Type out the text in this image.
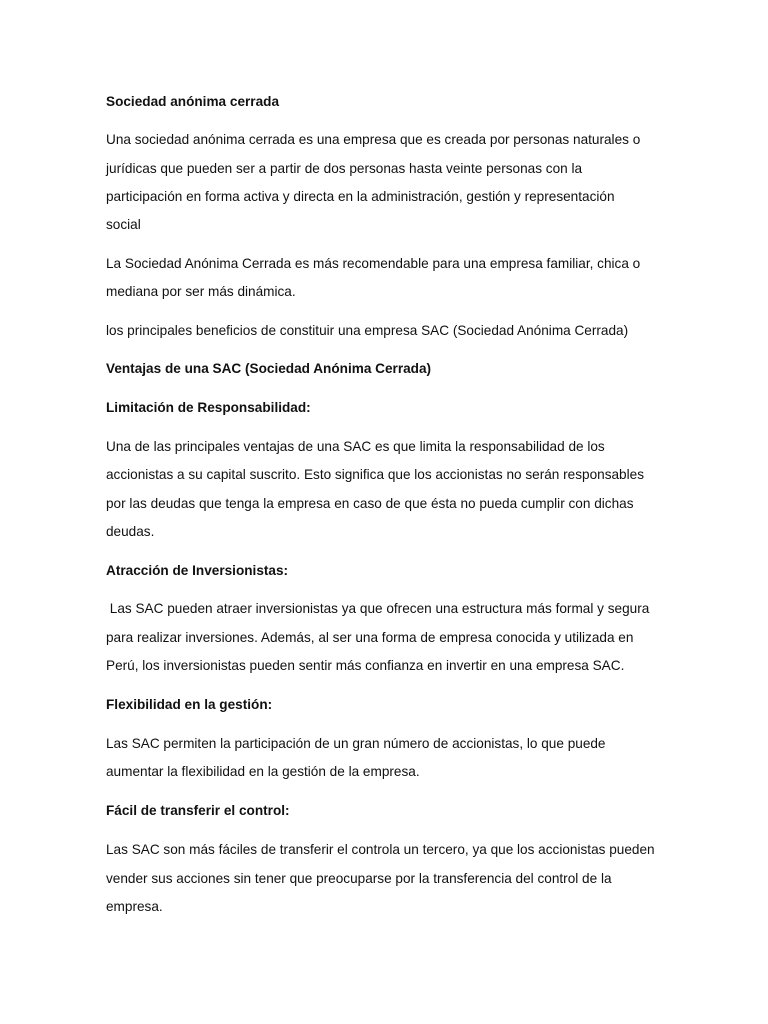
Sociedad anónima cerrada

Una sociedad anónima cerrada es una empresa que es creada por personas naturales o

jurídicas que pueden ser a partir de dos personas hasta veinte personas con la

participación en forma activa y directa en la administración, gestión y representación

social

La Sociedad Anónima Cerrada es más recomendable para una empresa familiar, chica o

mediana por ser más dinámica.

los principales beneficios de constituir una empresa SAC (Sociedad Anónima Cerrada)

Ventajas de una SAC (Sociedad Anónima Cerrada)

Limitación de Responsabilidad:

Una de las principales ventajas de una SAC es que limita la responsabilidad de los

accionistas a su capital suscrito. Esto significa que los accionistas no serán responsables

por las deudas que tenga la empresa en caso de que ésta no pueda cumplir con dichas

deudas.

Atracción de Inversionistas:

Las SAC pueden atraer inversionistas ya que ofrecen una estructura más formal y segura

para realizar inversiones. Además, al ser una forma de empresa conocida y utilizada en

Perú, los inversionistas pueden sentir más confianza en invertir en una empresa SAC.

Flexibilidad en la gestión:

Las SAC permiten la participación de un gran número de accionistas, lo que puede

aumentar la flexibilidad en la gestión de la empresa.

Fácil de transferir el control:

Las SAC son más fáciles de transferir el controla un tercero, ya que los accionistas pueden

vender sus acciones sin tener que preocuparse por la transferencia del control de la

empresa.
